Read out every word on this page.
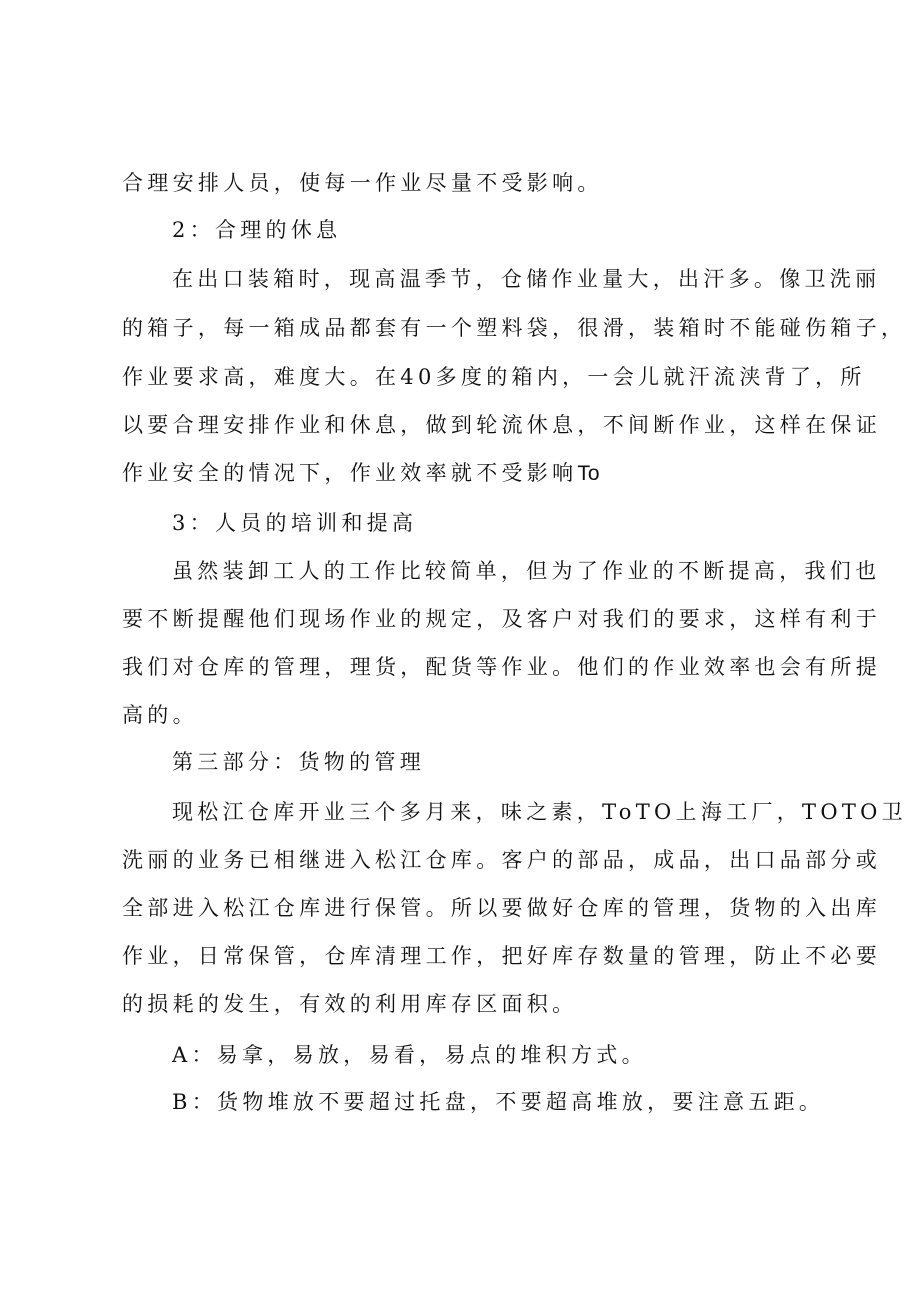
合理安排人员，使每一作业尽量不受影响。
2：合理的休息
在出口装箱时，现高温季节，仓储作业量大，出汗多。像卫洗丽
的箱子，每一箱成品都套有一个塑料袋，很滑，装箱时不能碰伤箱子，
作业要求高，难度大。在40多度的箱内，一会儿就汗流浃背了，所
以要合理安排作业和休息，做到轮流休息，不间断作业，这样在保证
作业安全的情况下，作业效率就不受影响To
3：人员的培训和提高
虽然装卸工人的工作比较简单，但为了作业的不断提高，我们也
要不断提醒他们现场作业的规定，及客户对我们的要求，这样有利于
我们对仓库的管理，理货，配货等作业。他们的作业效率也会有所提
高的。
第三部分：货物的管理
现松江仓库开业三个多月来，味之素，ToTO上海工厂，TOTO卫
洗丽的业务已相继进入松江仓库。客户的部品，成品，出口品部分或
全部进入松江仓库进行保管。所以要做好仓库的管理，货物的入出库
作业，日常保管，仓库清理工作，把好库存数量的管理，防止不必要
的损耗的发生，有效的利用库存区面积。
A：易拿，易放，易看，易点的堆积方式。
B：货物堆放不要超过托盘，不要超高堆放，要注意五距。
